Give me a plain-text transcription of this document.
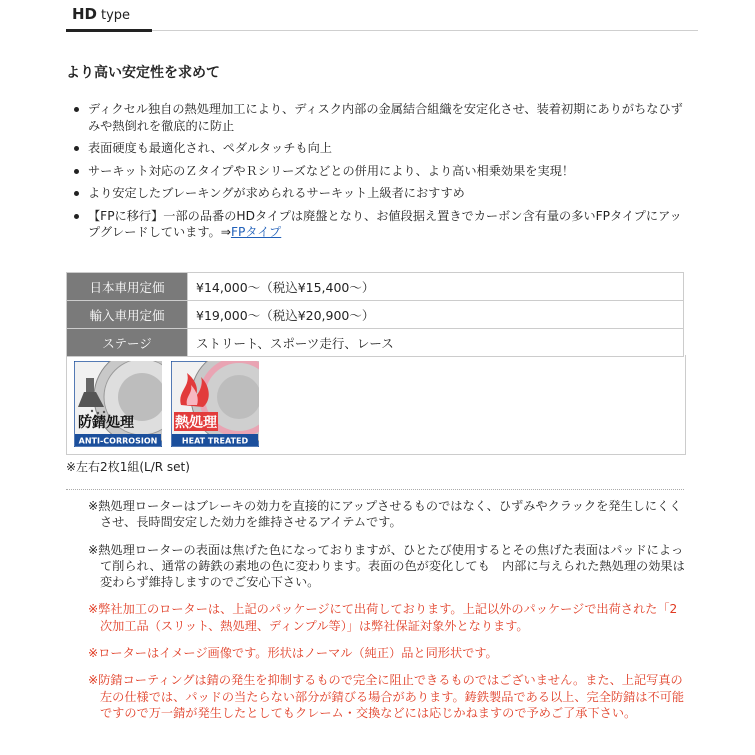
HD type
より高い安定性を求めて
ディクセル独自の熱処理加工により、ディスク内部の金属結合組織を安定化させ、装着初期にありがちなひずみや熱倒れを徹底的に防止
表面硬度も最適化され、ペダルタッチも向上
サーキット対応のＺタイプやＲシリーズなどとの併用により、より高い相乗効果を実現！
より安定したブレーキングが求められるサーキット上級者におすすめ
【FPに移行】一部の品番のHDタイプは廃盤となり、お値段据え置きでカーボン含有量の多いFPタイプにアップグレードしています。⇒FPタイプ
日本車用定価	¥14,000～（税込¥15,400～）
輸入車用定価	¥19,000～（税込¥20,900～）
ステージ	ストリート、スポーツ走行、レース
防錆処理
ANTI-CORROSION
熱処理
HEAT TREATED
※左右2枚1組(L/R set)

※熱処理ローターはブレーキの効力を直接的にアップさせるものではなく、ひずみやクラックを発生しにくくさせ、長時間安定した効力を維持させるアイテムです。

※熱処理ローターの表面は焦げた色になっておりますが、ひとたび使用するとその焦げた表面はパッドによって削られ、通常の鋳鉄の素地の色に変わります。表面の色が変化しても　内部に与えられた熱処理の効果は変わらず維持しますのでご安心下さい。

※弊社加工のローターは、上記のパッケージにて出荷しております。上記以外のパッケージで出荷された「2次加工品（スリット、熱処理、ディンプル等）」は弊社保証対象外となります。

※ローターはイメージ画像です。形状はノーマル（純正）品と同形状です。

※防錆コーティングは錆の発生を抑制するもので完全に阻止できるものではございません。また、上記写真の左の仕様では、パッドの当たらない部分が錆びる場合があります。鋳鉄製品である以上、完全防錆は不可能ですので万一錆が発生したとしてもクレーム・交換などには応じかねますので予めご了承下さい。
